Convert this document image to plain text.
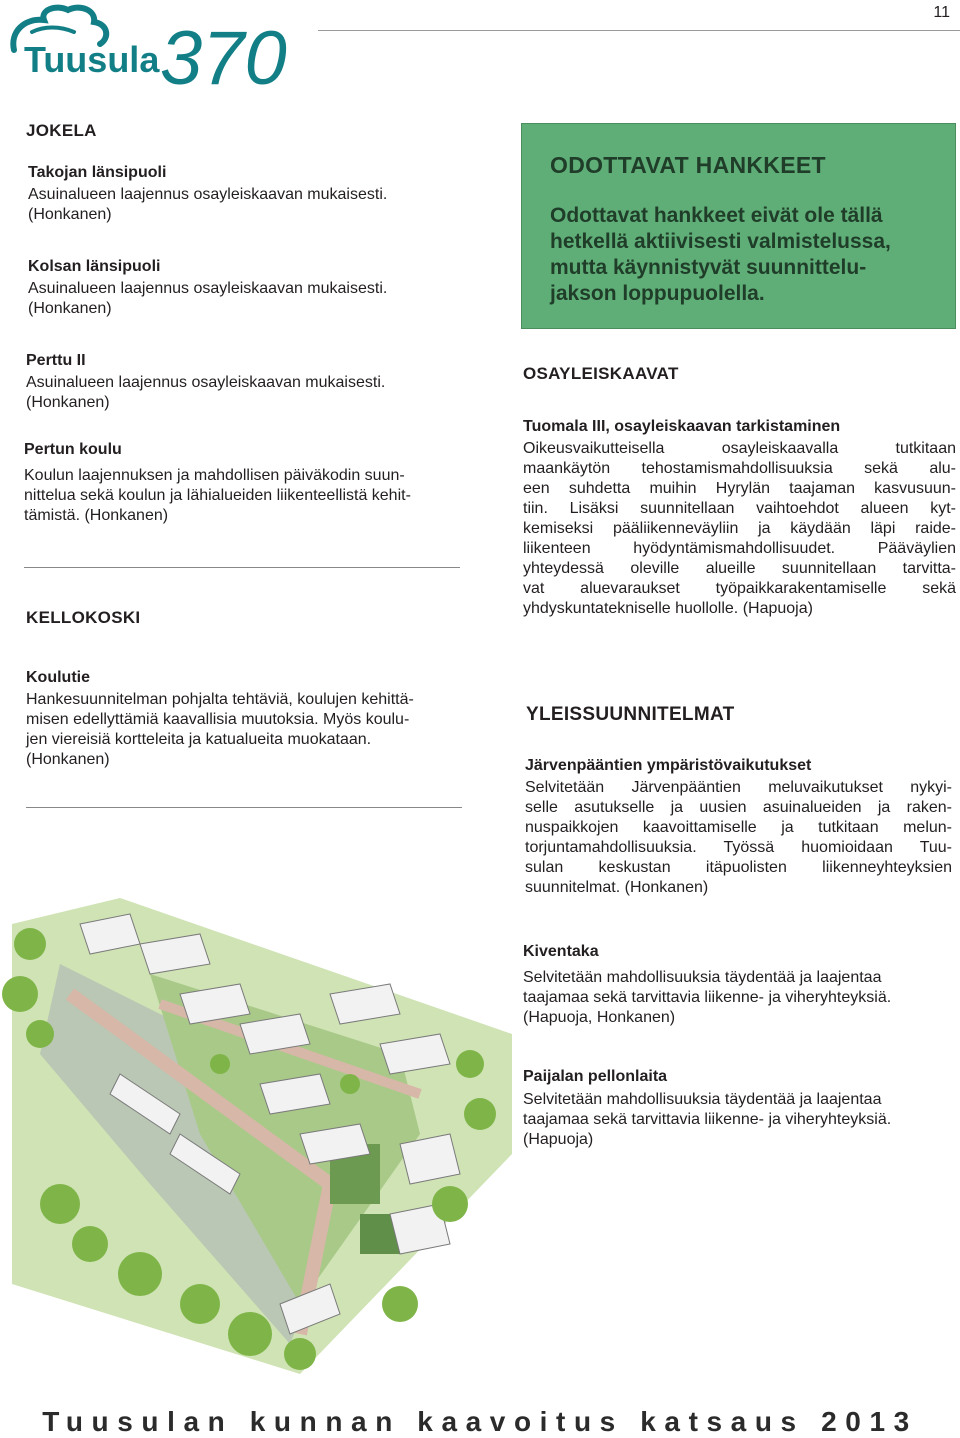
11
Tuusula 370
JOKELA
Takojan länsipuoli
Asuinalueen laajennus osayleiskaavan mukaisesti.
(Honkanen)
Kolsan länsipuoli
Asuinalueen laajennus osayleiskaavan mukaisesti.
(Honkanen)
Perttu II
Asuinalueen laajennus osayleiskaavan mukaisesti.
(Honkanen)
Pertun koulu
Koulun laajennuksen ja mahdollisen päiväkodin suun-
nittelua sekä koulun ja lähialueiden liikenteellistä kehit-
tämistä. (Honkanen)
KELLOKOSKI
Koulutie
Hankesuunnitelman pohjalta tehtäviä, koulujen kehittä-
misen edellyttämiä kaavallisia muutoksia. Myös koulu-
jen viereisiä kortteleita ja katualueita muokataan.
(Honkanen)
ODOTTAVAT HANKKEET
Odottavat hankkeet eivät ole tällä
hetkellä aktiivisesti valmistelussa,
mutta käynnistyvät suunnittelu-
jakson loppupuolella.
OSAYLEISKAAVAT
Tuomala III, osayleiskaavan tarkistaminen
Oikeusvaikutteisella osayleiskaavalla tutkitaan
maankäytön tehostamismahdollisuuksia sekä alu-
een suhdetta muihin Hyrylän taajaman kasvusuun-
tiin. Lisäksi suunnitellaan vaihtoehdot alueen kyt-
kemiseksi pääliikenneväyliin ja käydään läpi raide-
liikenteen hyödyntämismahdollisuudet. Pääväylien
yhteydessä oleville alueille suunnitellaan tarvitta-
vat aluevaraukset työpaikkarakentamiselle sekä
yhdyskuntatekniselle huollolle. (Hapuoja)
YLEISSUUNNITELMAT
Järvenpääntien ympäristövaikutukset
Selvitetään Järvenpääntien meluvaikutukset nykyi-
selle asutukselle ja uusien asuinalueiden ja raken-
nuspaikkojen kaavoittamiselle ja tutkitaan melun-
torjuntamahdollisuuksia. Työssä huomioidaan Tuu-
sulan keskustan itäpuolisten liikenneyhteyksien
suunnitelmat. (Honkanen)
Kiventaka
Selvitetään mahdollisuuksia täydentää ja laajentaa
taajamaa sekä tarvittavia liikenne- ja viheryhteyksiä.
(Hapuoja, Honkanen)
Paijalan pellonlaita
Selvitetään mahdollisuuksia täydentää ja laajentaa
taajamaa sekä tarvittavia liikenne- ja viheryhteyksiä.
(Hapuoja)
Tuusulan kunnan kaavoitus katsaus 2013
